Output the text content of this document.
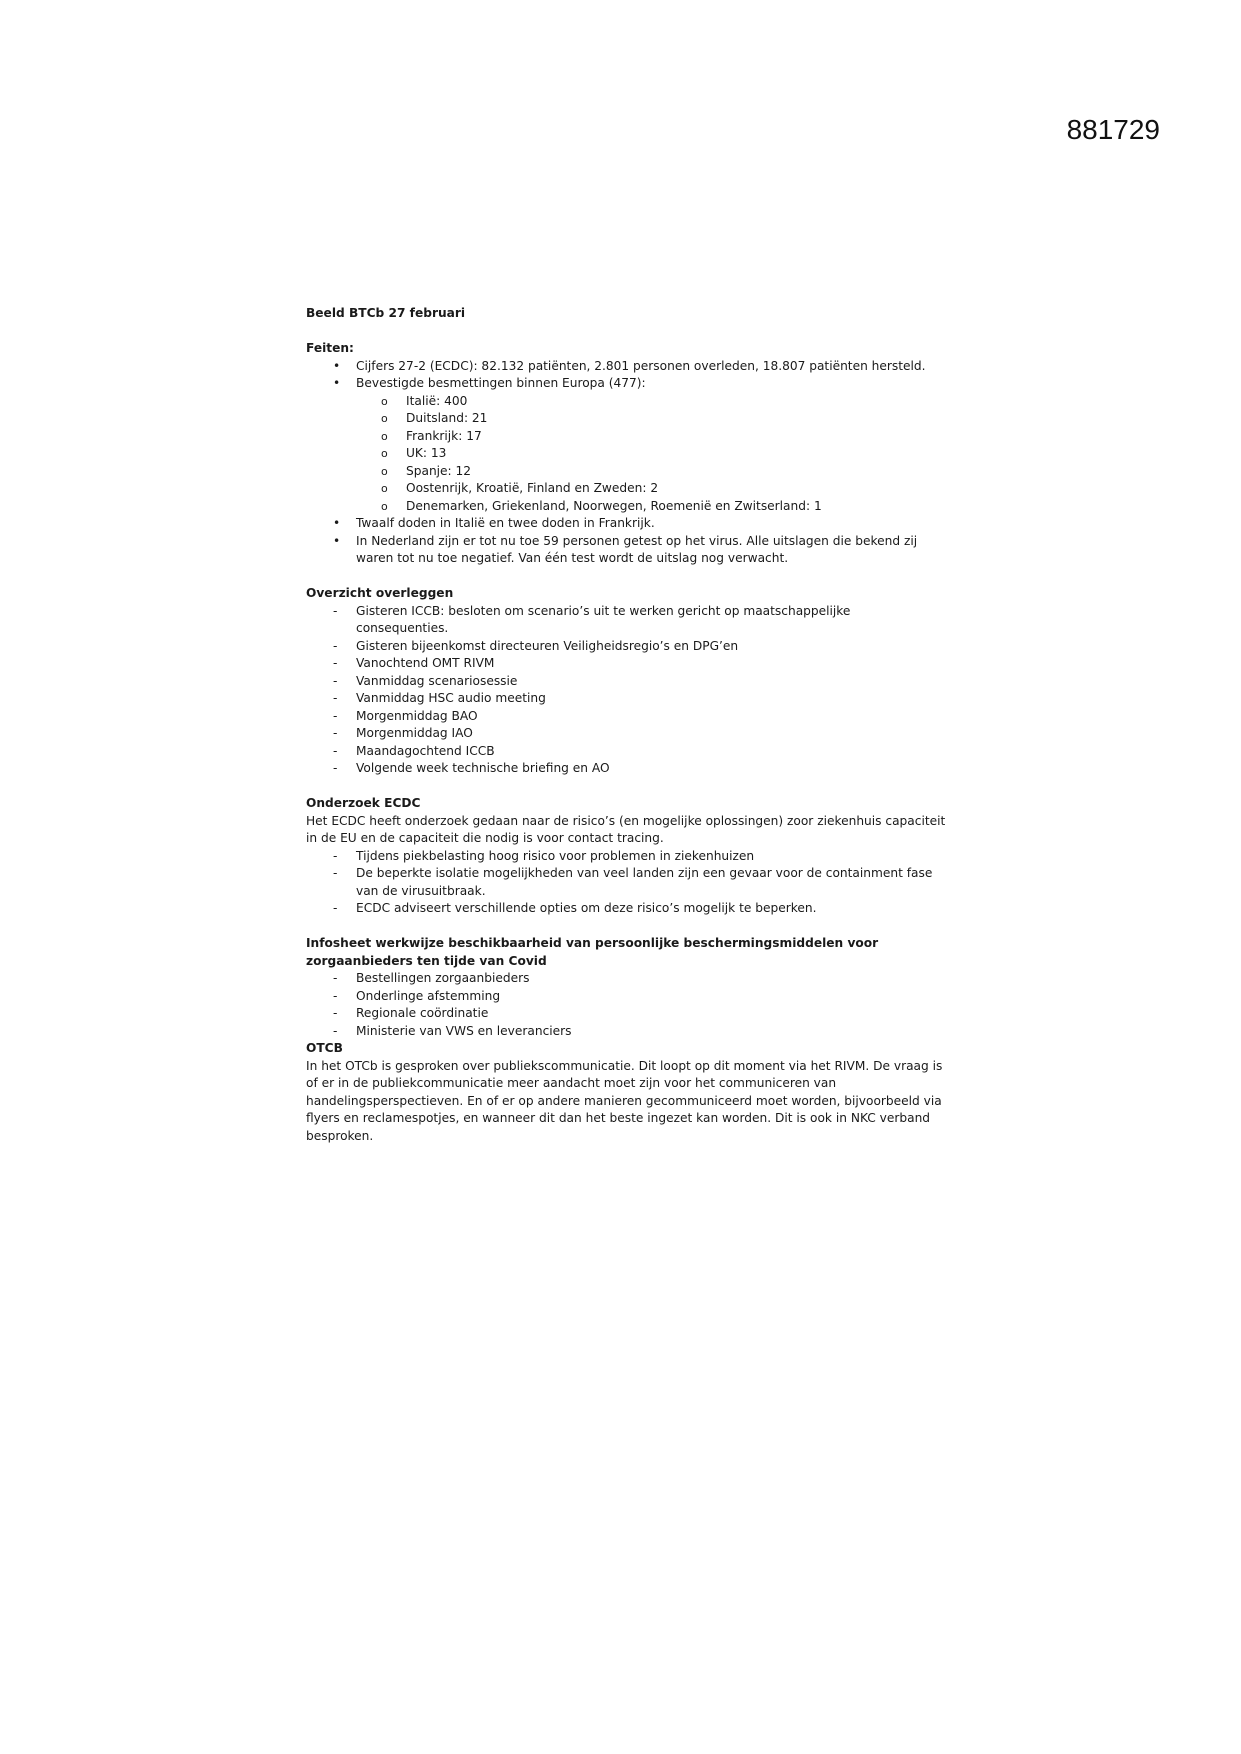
881729

Beeld BTCb 27 februari

Feiten:

• Cijfers 27-2 (ECDC): 82.132 patiënten, 2.801 personen overleden, 18.807 patiënten hersteld.
• Bevestigde besmettingen binnen Europa (477):
o Italië: 400
o Duitsland: 21
o Frankrijk: 17
o UK: 13
o Spanje: 12
o Oostenrijk, Kroatië, Finland en Zweden: 2
o Denemarken, Griekenland, Noorwegen, Roemenië en Zwitserland: 1
• Twaalf doden in Italië en twee doden in Frankrijk.
• In Nederland zijn er tot nu toe 59 personen getest op het virus. Alle uitslagen die bekend zij waren tot nu toe negatief. Van één test wordt de uitslag nog verwacht.

Overzicht overleggen

- Gisteren ICCB: besloten om scenario’s uit te werken gericht op maatschappelijke consequenties.
- Gisteren bijeenkomst directeuren Veiligheidsregio’s en DPG’en
- Vanochtend OMT RIVM
- Vanmiddag scenariosessie
- Vanmiddag HSC audio meeting
- Morgenmiddag BAO
- Morgenmiddag IAO
- Maandagochtend ICCB
- Volgende week technische briefing en AO

Onderzoek ECDC

Het ECDC heeft onderzoek gedaan naar de risico’s (en mogelijke oplossingen) zoor ziekenhuis capaciteit in de EU en de capaciteit die nodig is voor contact tracing.

- Tijdens piekbelasting hoog risico voor problemen in ziekenhuizen
- De beperkte isolatie mogelijkheden van veel landen zijn een gevaar voor de containment fase van de virusuitbraak.
- ECDC adviseert verschillende opties om deze risico’s mogelijk te beperken.

Infosheet werkwijze beschikbaarheid van persoonlijke beschermingsmiddelen voor zorgaanbieders ten tijde van Covid

- Bestellingen zorgaanbieders
- Onderlinge afstemming
- Regionale coördinatie
- Ministerie van VWS en leveranciers

OTCB

In het OTCb is gesproken over publiekscommunicatie. Dit loopt op dit moment via het RIVM. De vraag is of er in de publiekcommunicatie meer aandacht moet zijn voor het communiceren van handelingsperspectieven. En of er op andere manieren gecommuniceerd moet worden, bijvoorbeeld via flyers en reclamespotjes, en wanneer dit dan het beste ingezet kan worden. Dit is ook in NKC verband besproken.
